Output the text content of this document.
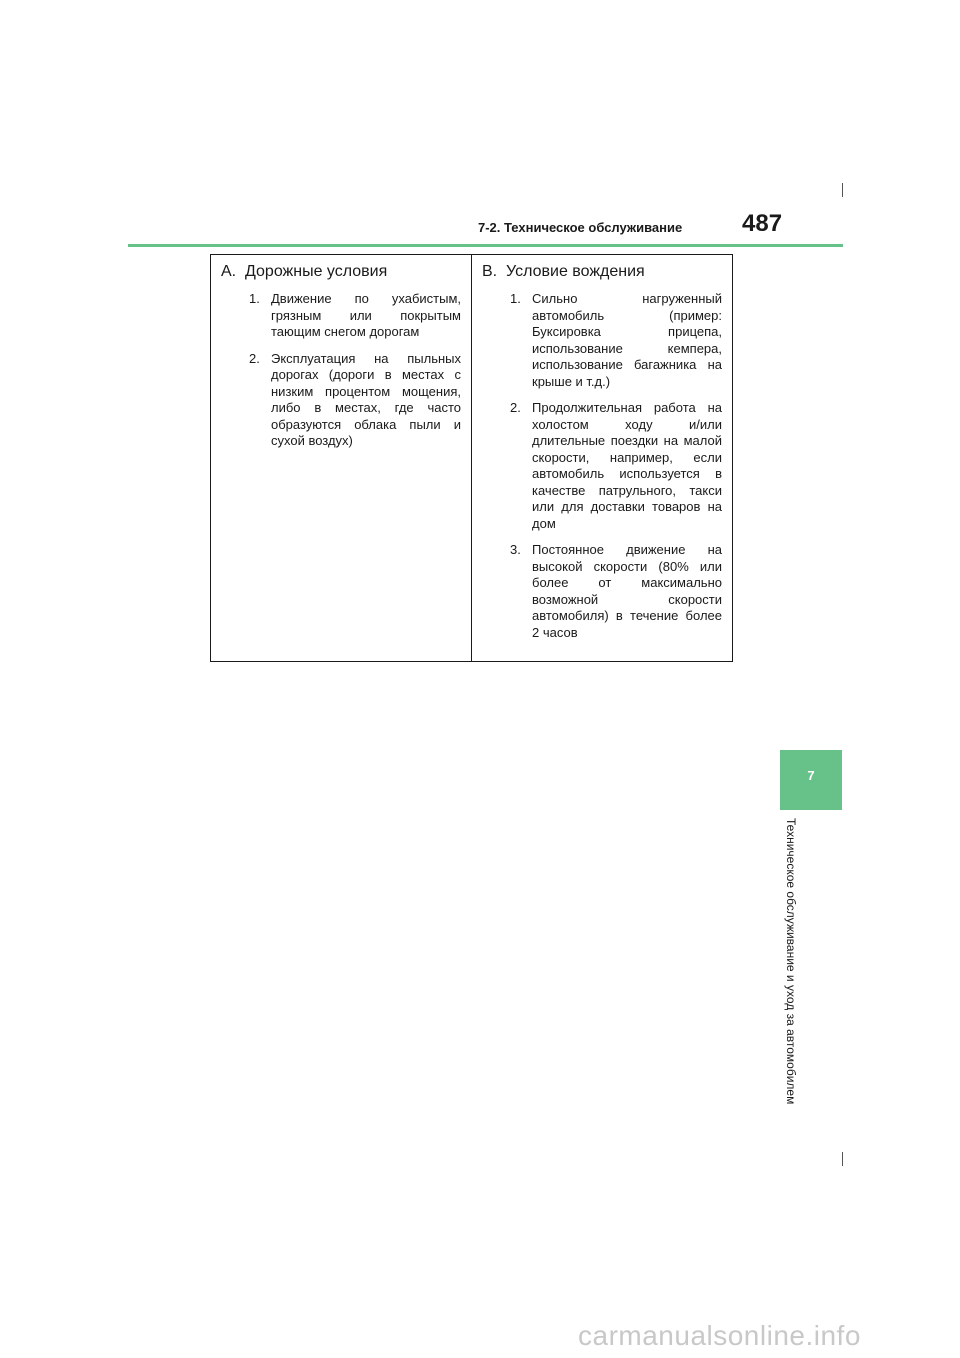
7-2. Техническое обслуживание 487
A. Дорожные условия
1. Движение по ухабистым, грязным или покрытым тающим снегом дорогам
2. Эксплуатация на пыльных дорогах (дороги в местах с низким процентом мощения, либо в местах, где часто образуются облака пыли и сухой воздух)

B. Условие вождения
1. Сильно нагруженный автомобиль (пример: Буксировка прицепа, использование кемпера, использование багажника на крыше и т.д.)
2. Продолжительная работа на холостом ходу и/или длительные поездки на малой скорости, например, если автомобиль используется в качестве патрульного, такси или для доставки товаров на дом
3. Постоянное движение на высокой скорости (80% или более от максимально возможной скорости автомобиля) в течение более 2 часов
7
Техническое обслуживание и уход за автомобилем
carmanualsonline.info
